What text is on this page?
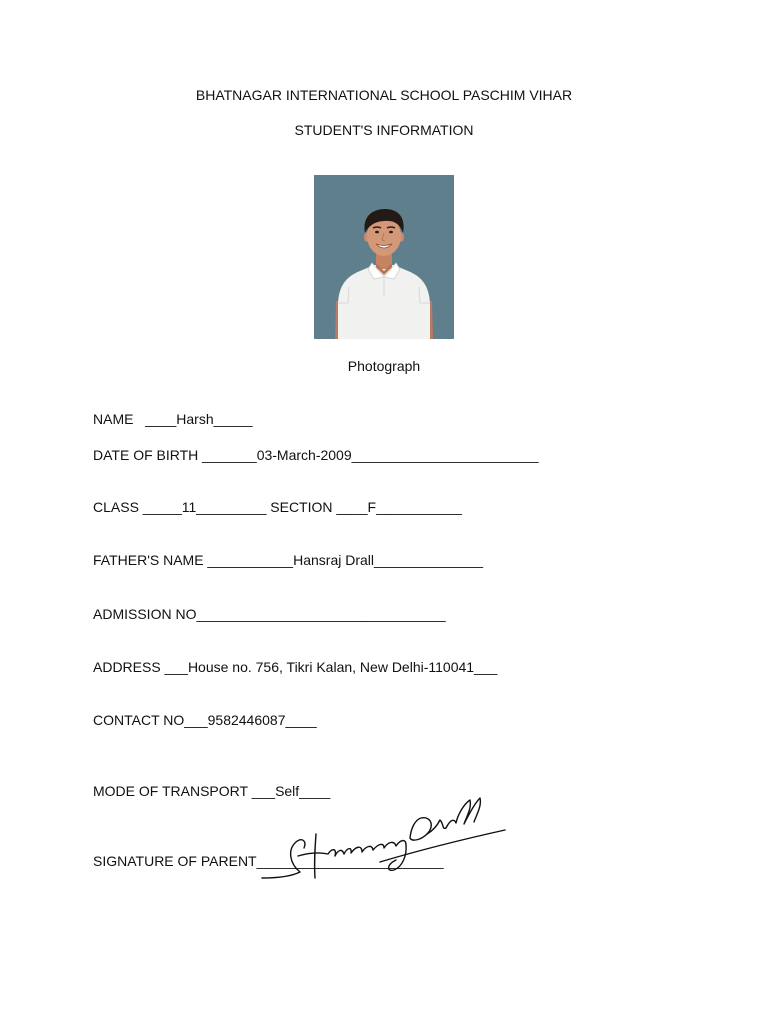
BHATNAGAR INTERNATIONAL SCHOOL PASCHIM VIHAR
STUDENT'S INFORMATION
Photograph
NAME   ____Harsh_____
DATE OF BIRTH _______03-March-2009________________________
CLASS _____11_________ SECTION ____F___________
FATHER'S NAME ___________Hansraj Drall______________
ADMISSION NO________________________________
ADDRESS ___House no. 756, Tikri Kalan, New Delhi-110041___
CONTACT NO___9582446087____
MODE OF TRANSPORT ___Self____
SIGNATURE OF PARENT________________________
